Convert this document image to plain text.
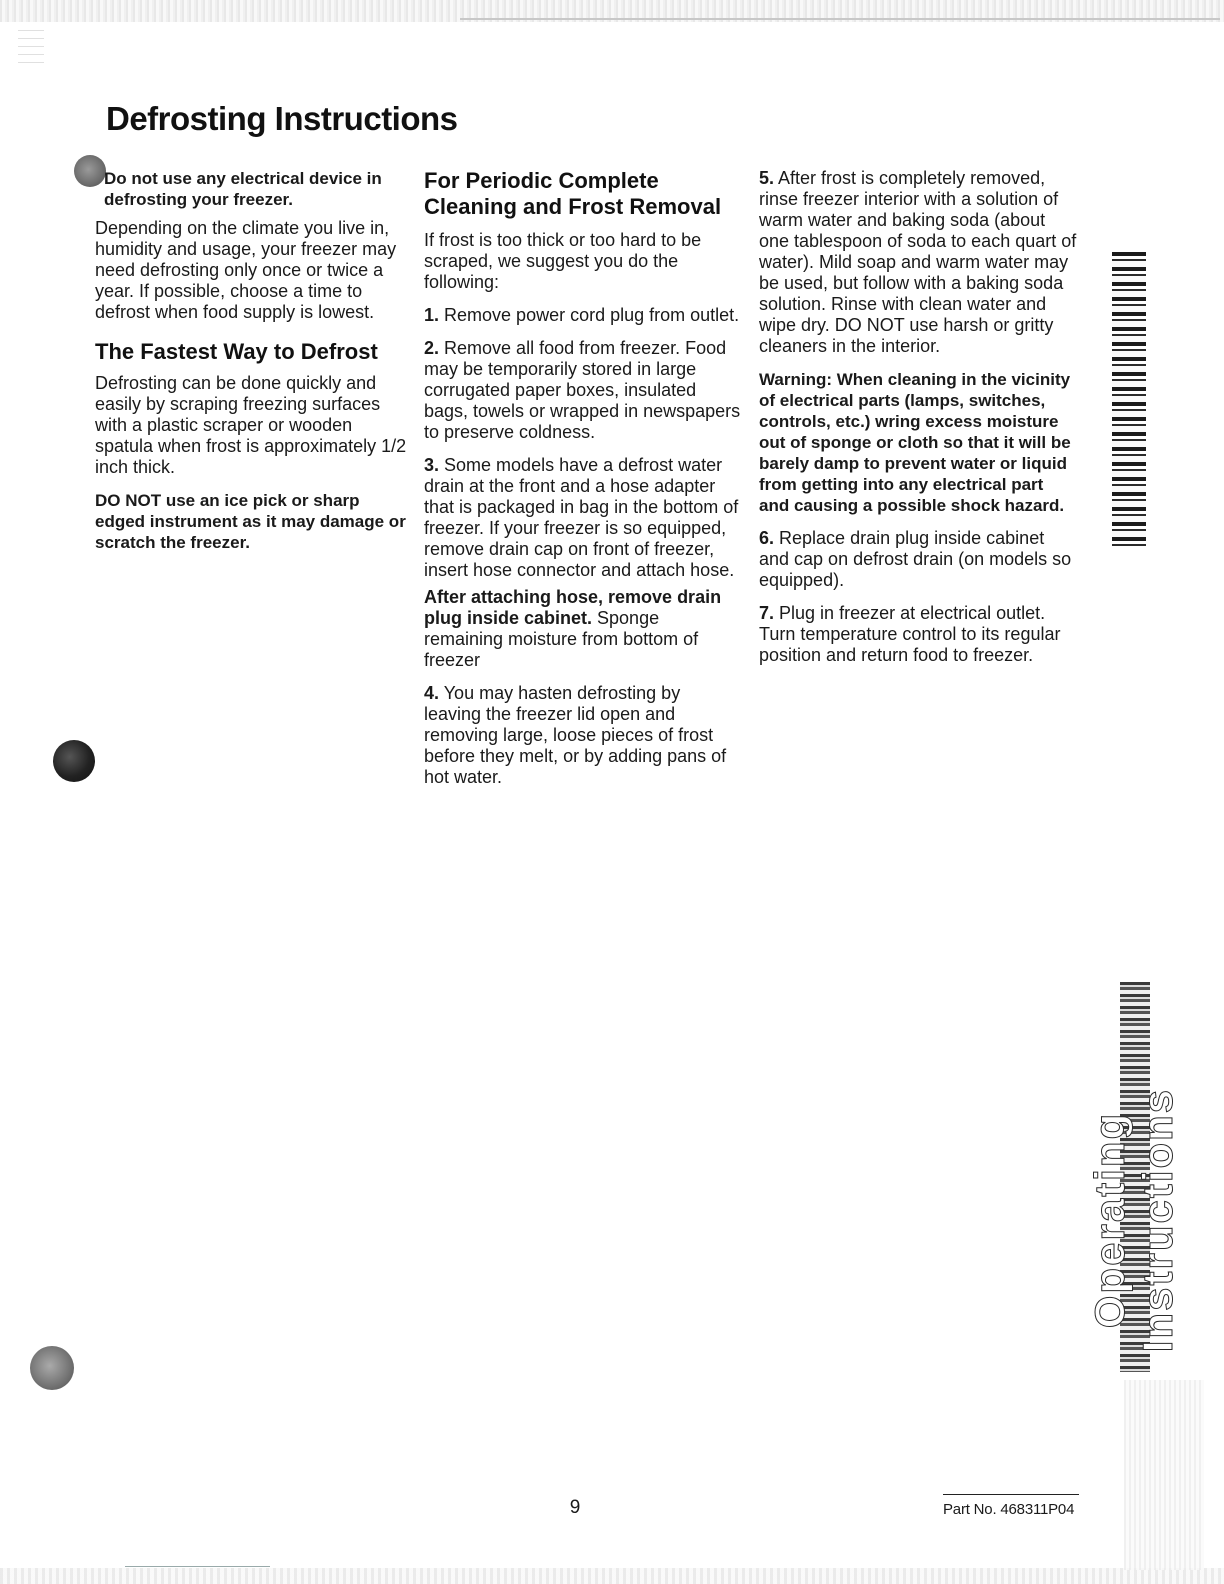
Defrosting Instructions

Do not use any electrical device in defrosting your freezer.

Depending on the climate you live in, humidity and usage, your freezer may need defrosting only once or twice a year. If possible, choose a time to defrost when food supply is lowest.

The Fastest Way to Defrost

Defrosting can be done quickly and easily by scraping freezing surfaces with a plastic scraper or wooden spatula when frost is approximately 1/2 inch thick.

DO NOT use an ice pick or sharp edged instrument as it may damage or scratch the freezer.

For Periodic Complete Cleaning and Frost Removal

If frost is too thick or too hard to be scraped, we suggest you do the following:

1. Remove power cord plug from outlet.

2. Remove all food from freezer. Food may be temporarily stored in large corrugated paper boxes, insulated bags, towels or wrapped in newspapers to preserve coldness.

3. Some models have a defrost water drain at the front and a hose adapter that is packaged in bag in the bottom of freezer. If your freezer is so equipped, remove drain cap on front of freezer, insert hose connector and attach hose.

After attaching hose, remove drain plug inside cabinet. Sponge remaining moisture from bottom of freezer

4. You may hasten defrosting by leaving the freezer lid open and removing large, loose pieces of frost before they melt, or by adding pans of hot water.

5. After frost is completely removed, rinse freezer interior with a solution of warm water and baking soda (about one tablespoon of soda to each quart of water). Mild soap and warm water may be used, but follow with a baking soda solution. Rinse with clean water and wipe dry. DO NOT use harsh or gritty cleaners in the interior.

Warning: When cleaning in the vicinity of electrical parts (lamps, switches, controls, etc.) wring excess moisture out of sponge or cloth so that it will be barely damp to prevent water or liquid from getting into any electrical part and causing a possible shock hazard.

6. Replace drain plug inside cabinet and cap on defrost drain (on models so equipped).

7. Plug in freezer at electrical outlet. Turn temperature control to its regular position and return food to freezer.

Operating Instructions
9	Part No. 468311P04
